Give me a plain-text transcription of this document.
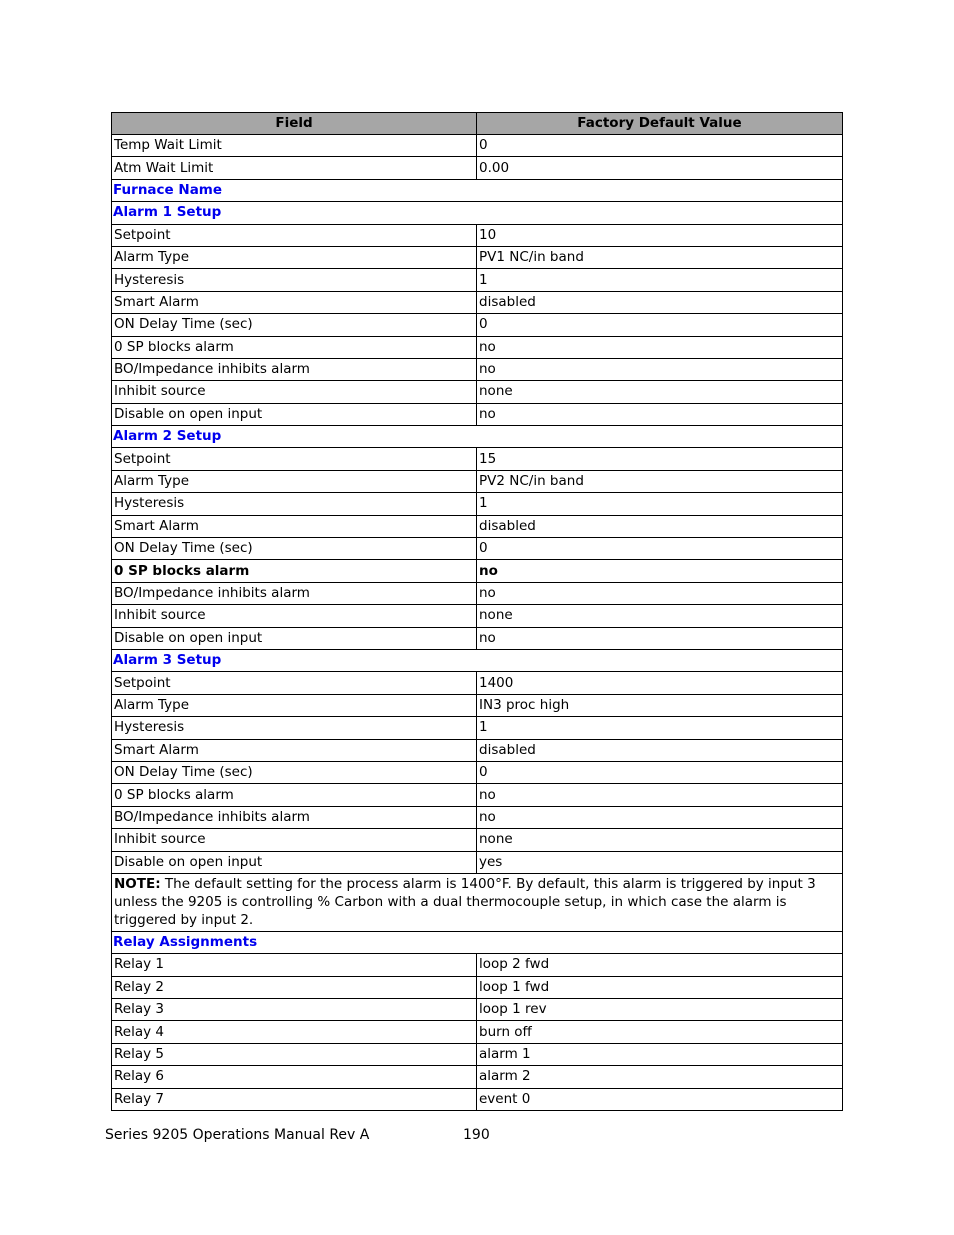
Field	Factory Default Value
Temp Wait Limit	0
Atm Wait Limit	0.00
Furnace Name	
Alarm 1 Setup	
Setpoint	10
Alarm Type	PV1 NC/in band
Hysteresis	1
Smart Alarm	disabled
ON Delay Time (sec)	0
0 SP blocks alarm	no
BO/Impedance inhibits alarm	no
Inhibit source	none
Disable on open input	no
Alarm 2 Setup	
Setpoint	15
Alarm Type	PV2 NC/in band
Hysteresis	1
Smart Alarm	disabled
ON Delay Time (sec)	0
0 SP blocks alarm	no
BO/Impedance inhibits alarm	no
Inhibit source	none
Disable on open input	no
Alarm 3 Setup	
Setpoint	1400
Alarm Type	IN3 proc high
Hysteresis	1
Smart Alarm	disabled
ON Delay Time (sec)	0
0 SP blocks alarm	no
BO/Impedance inhibits alarm	no
Inhibit source	none
Disable on open input	yes
NOTE: The default setting for the process alarm is 1400°F. By default, this alarm is triggered by input 3 unless the 9205 is controlling % Carbon with a dual thermocouple setup, in which case the alarm is triggered by input 2.	
Relay Assignments	
Relay 1	loop 2 fwd
Relay 2	loop 1 fwd
Relay 3	loop 1 rev
Relay 4	burn off
Relay 5	alarm 1
Relay 6	alarm 2
Relay 7	event 0
Series 9205 Operations Manual Rev A	190
